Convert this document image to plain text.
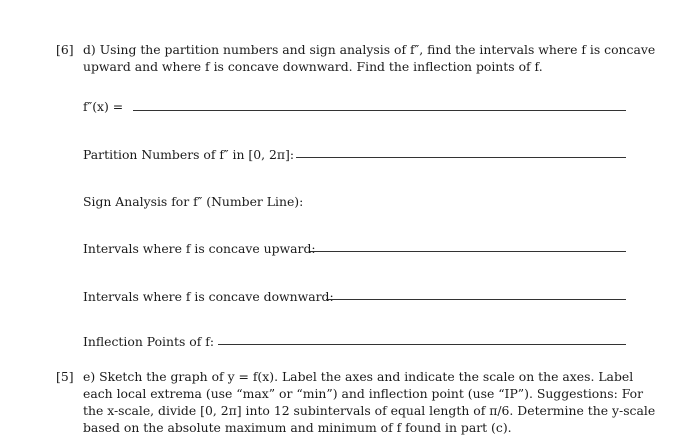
[6] d) Using the partition numbers and sign analysis of f″, find the intervals where f is concave
upward and where f is concave downward. Find the inflection points of f.
f″(x) =
Partition Numbers of f″ in [0, 2π]:
Sign Analysis for f″ (Number Line):
Intervals where f is concave upward:
Intervals where f is concave downward:
Inflection Points of f:
[5] e) Sketch the graph of y = f(x). Label the axes and indicate the scale on the axes. Label
each local extrema (use “max” or “min”) and inflection point (use “IP”). Suggestions: For
the x-scale, divide [0, 2π] into 12 subintervals of equal length of π/6. Determine the y-scale
based on the absolute maximum and minimum of f found in part (c).
